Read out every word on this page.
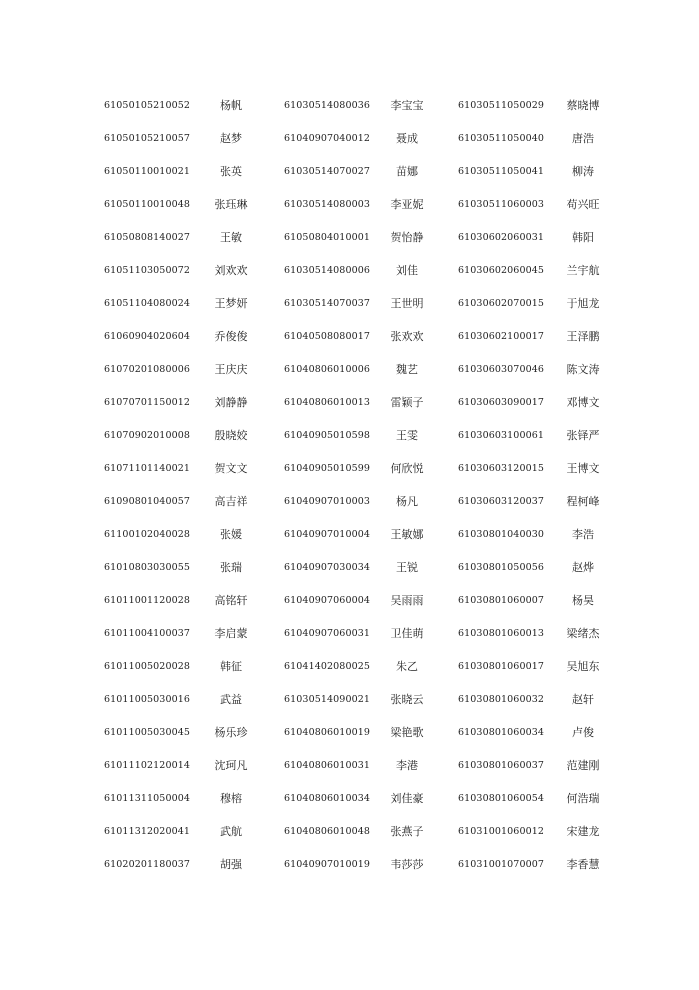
61050105210052	杨帆	61030514080036	李宝宝	61030511050029	蔡晓博
61050105210057	赵梦	61040907040012	聂成	61030511050040	唐浩
61050110010021	张英	61030514070027	苗娜	61030511050041	柳涛
61050110010048	张珏琳	61030514080003	李亚妮	61030511060003	苟兴旺
61050808140027	王敏	61050804010001	贺怡静	61030602060031	韩阳
61051103050072	刘欢欢	61030514080006	刘佳	61030602060045	兰宇航
61051104080024	王梦妍	61030514070037	王世明	61030602070015	于旭龙
61060904020604	乔俊俊	61040508080017	张欢欢	61030602100017	王泽鹏
61070201080006	王庆庆	61040806010006	魏艺	61030603070046	陈文涛
61070701150012	刘静静	61040806010013	雷颖子	61030603090017	邓博文
61070902010008	殷晓姣	61040905010598	王雯	61030603100061	张铎严
61071101140021	贺文文	61040905010599	何欣悦	61030603120015	王博文
61090801040057	高吉祥	61040907010003	杨凡	61030603120037	程柯峰
61100102040028	张媛	61040907010004	王敏娜	61030801040030	李浩
61010803030055	张瑞	61040907030034	王锐	61030801050056	赵烨
61011001120028	高铭轩	61040907060004	吴雨雨	61030801060007	杨昊
61011004100037	李启蒙	61040907060031	卫佳萌	61030801060013	梁绪杰
61011005020028	韩征	61041402080025	朱乙	61030801060017	吴旭东
61011005030016	武益	61030514090021	张晓云	61030801060032	赵轩
61011005030045	杨乐珍	61040806010019	梁艳歌	61030801060034	卢俊
61011102120014	沈珂凡	61040806010031	李港	61030801060037	范建刚
61011311050004	穆榕	61040806010034	刘佳豪	61030801060054	何浩瑞
61011312020041	武航	61040806010048	张燕子	61031001060012	宋建龙
61020201180037	胡强	61040907010019	韦莎莎	61031001070007	李香慧
